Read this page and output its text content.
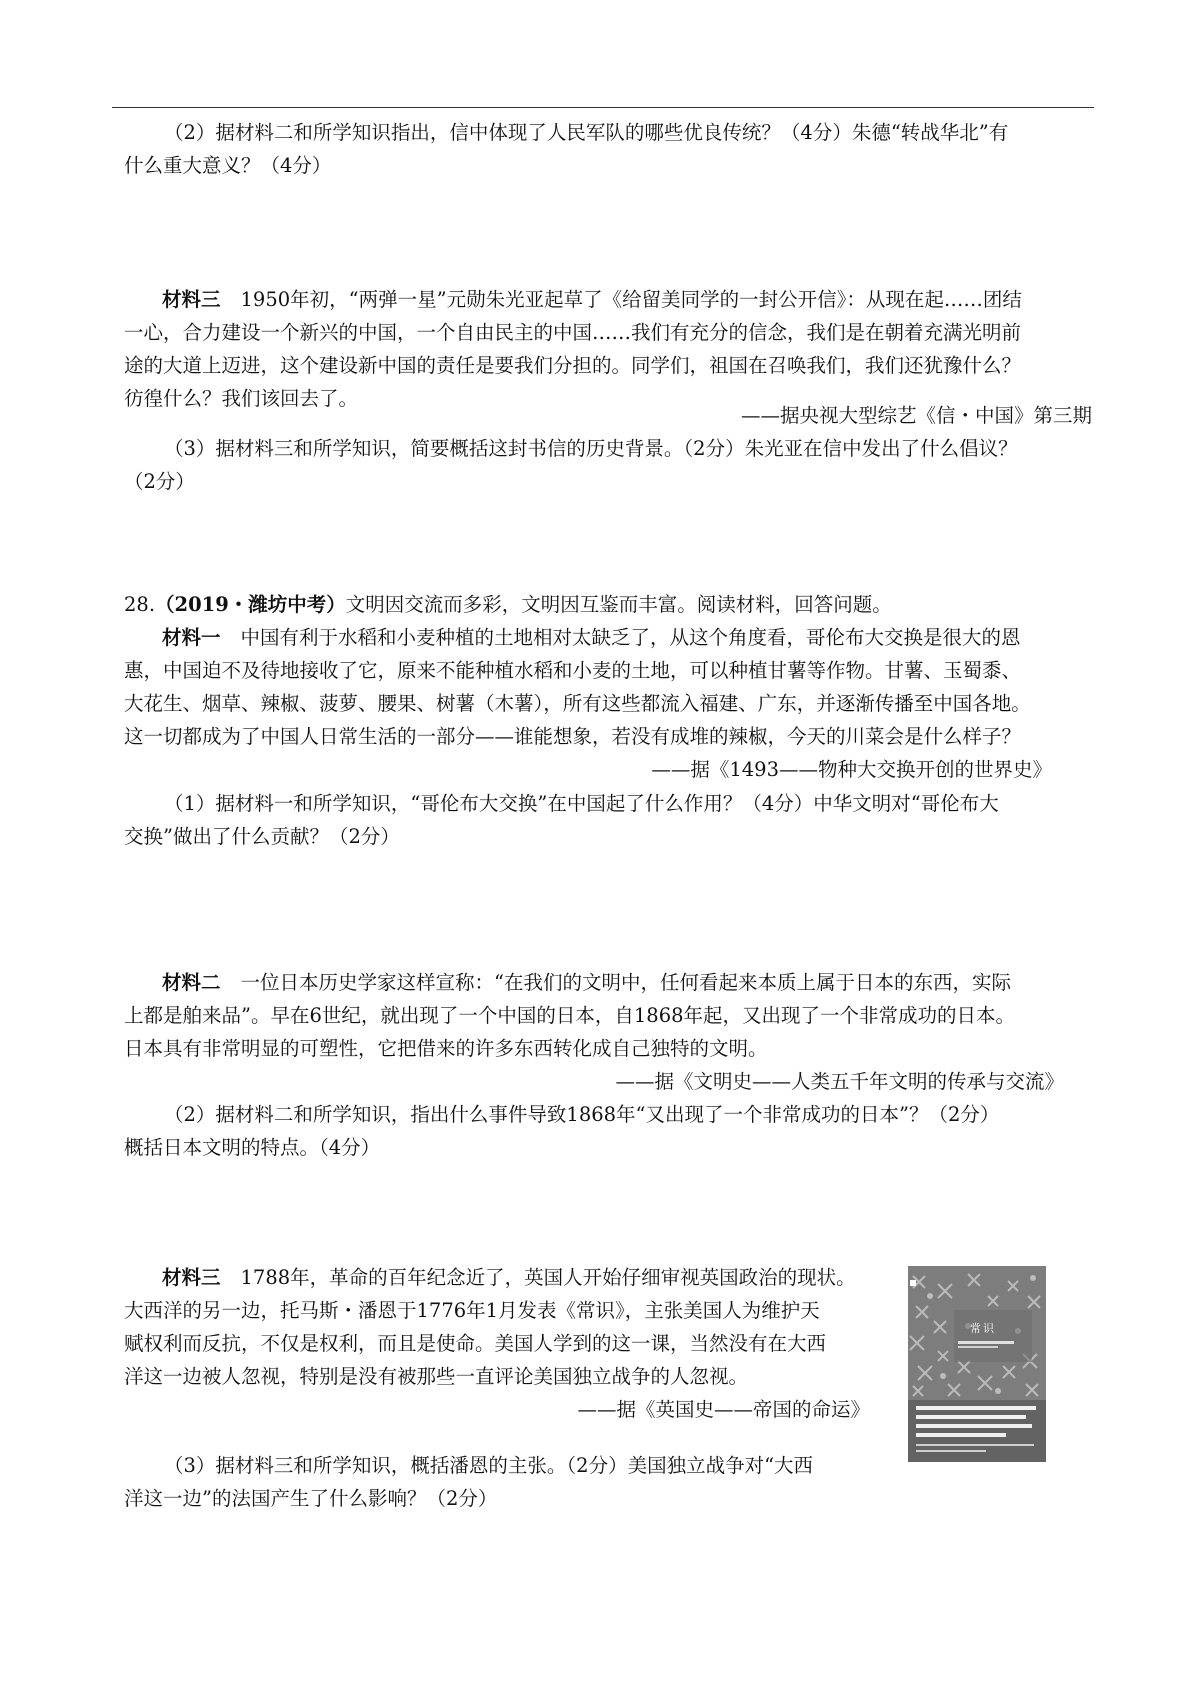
（2）据材料二和所学知识指出，信中体现了人民军队的哪些优良传统？（4分）朱德“转战华北”有
什么重大意义？（4分）
材料三 1950年初，“两弹一星”元勋朱光亚起草了《给留美同学的一封公开信》：从现在起……团结
一心，合力建设一个新兴的中国，一个自由民主的中国……我们有充分的信念，我们是在朝着充满光明前
途的大道上迈进，这个建设新中国的责任是要我们分担的。同学们，祖国在召唤我们，我们还犹豫什么？
彷徨什么？我们该回去了。
——据央视大型综艺《信・中国》第三期
（3）据材料三和所学知识，简要概括这封书信的历史背景。（2分）朱光亚在信中发出了什么倡议？
（2分）
28.（2019・潍坊中考）文明因交流而多彩，文明因互鉴而丰富。阅读材料，回答问题。
材料一 中国有利于水稻和小麦种植的土地相对太缺乏了，从这个角度看，哥伦布大交换是很大的恩
惠，中国迫不及待地接收了它，原来不能种植水稻和小麦的土地，可以种植甘薯等作物。甘薯、玉蜀黍、
大花生、烟草、辣椒、菠萝、腰果、树薯（木薯），所有这些都流入福建、广东，并逐渐传播至中国各地。
这一切都成为了中国人日常生活的一部分——谁能想象，若没有成堆的辣椒，今天的川菜会是什么样子？
——据《1493——物种大交换开创的世界史》
（1）据材料一和所学知识，“哥伦布大交换”在中国起了什么作用？（4分）中华文明对“哥伦布大
交换”做出了什么贡献？（2分）
材料二 一位日本历史学家这样宣称：“在我们的文明中，任何看起来本质上属于日本的东西，实际
上都是舶来品”。早在6世纪，就出现了一个中国的日本，自1868年起，又出现了一个非常成功的日本。
日本具有非常明显的可塑性，它把借来的许多东西转化成自己独特的文明。
——据《文明史——人类五千年文明的传承与交流》
（2）据材料二和所学知识，指出什么事件导致1868年“又出现了一个非常成功的日本”？（2分）
概括日本文明的特点。（4分）
材料三 1788年，革命的百年纪念近了，英国人开始仔细审视英国政治的现状。
大西洋的另一边，托马斯・潘恩于1776年1月发表《常识》，主张美国人为维护天
赋权利而反抗，不仅是权利，而且是使命。美国人学到的这一课，当然没有在大西
洋这一边被人忽视，特别是没有被那些一直评论美国独立战争的人忽视。
——据《英国史——帝国的命运》
（3）据材料三和所学知识，概括潘恩的主张。（2分）美国独立战争对“大西
洋这一边”的法国产生了什么影响？（2分）
常识
